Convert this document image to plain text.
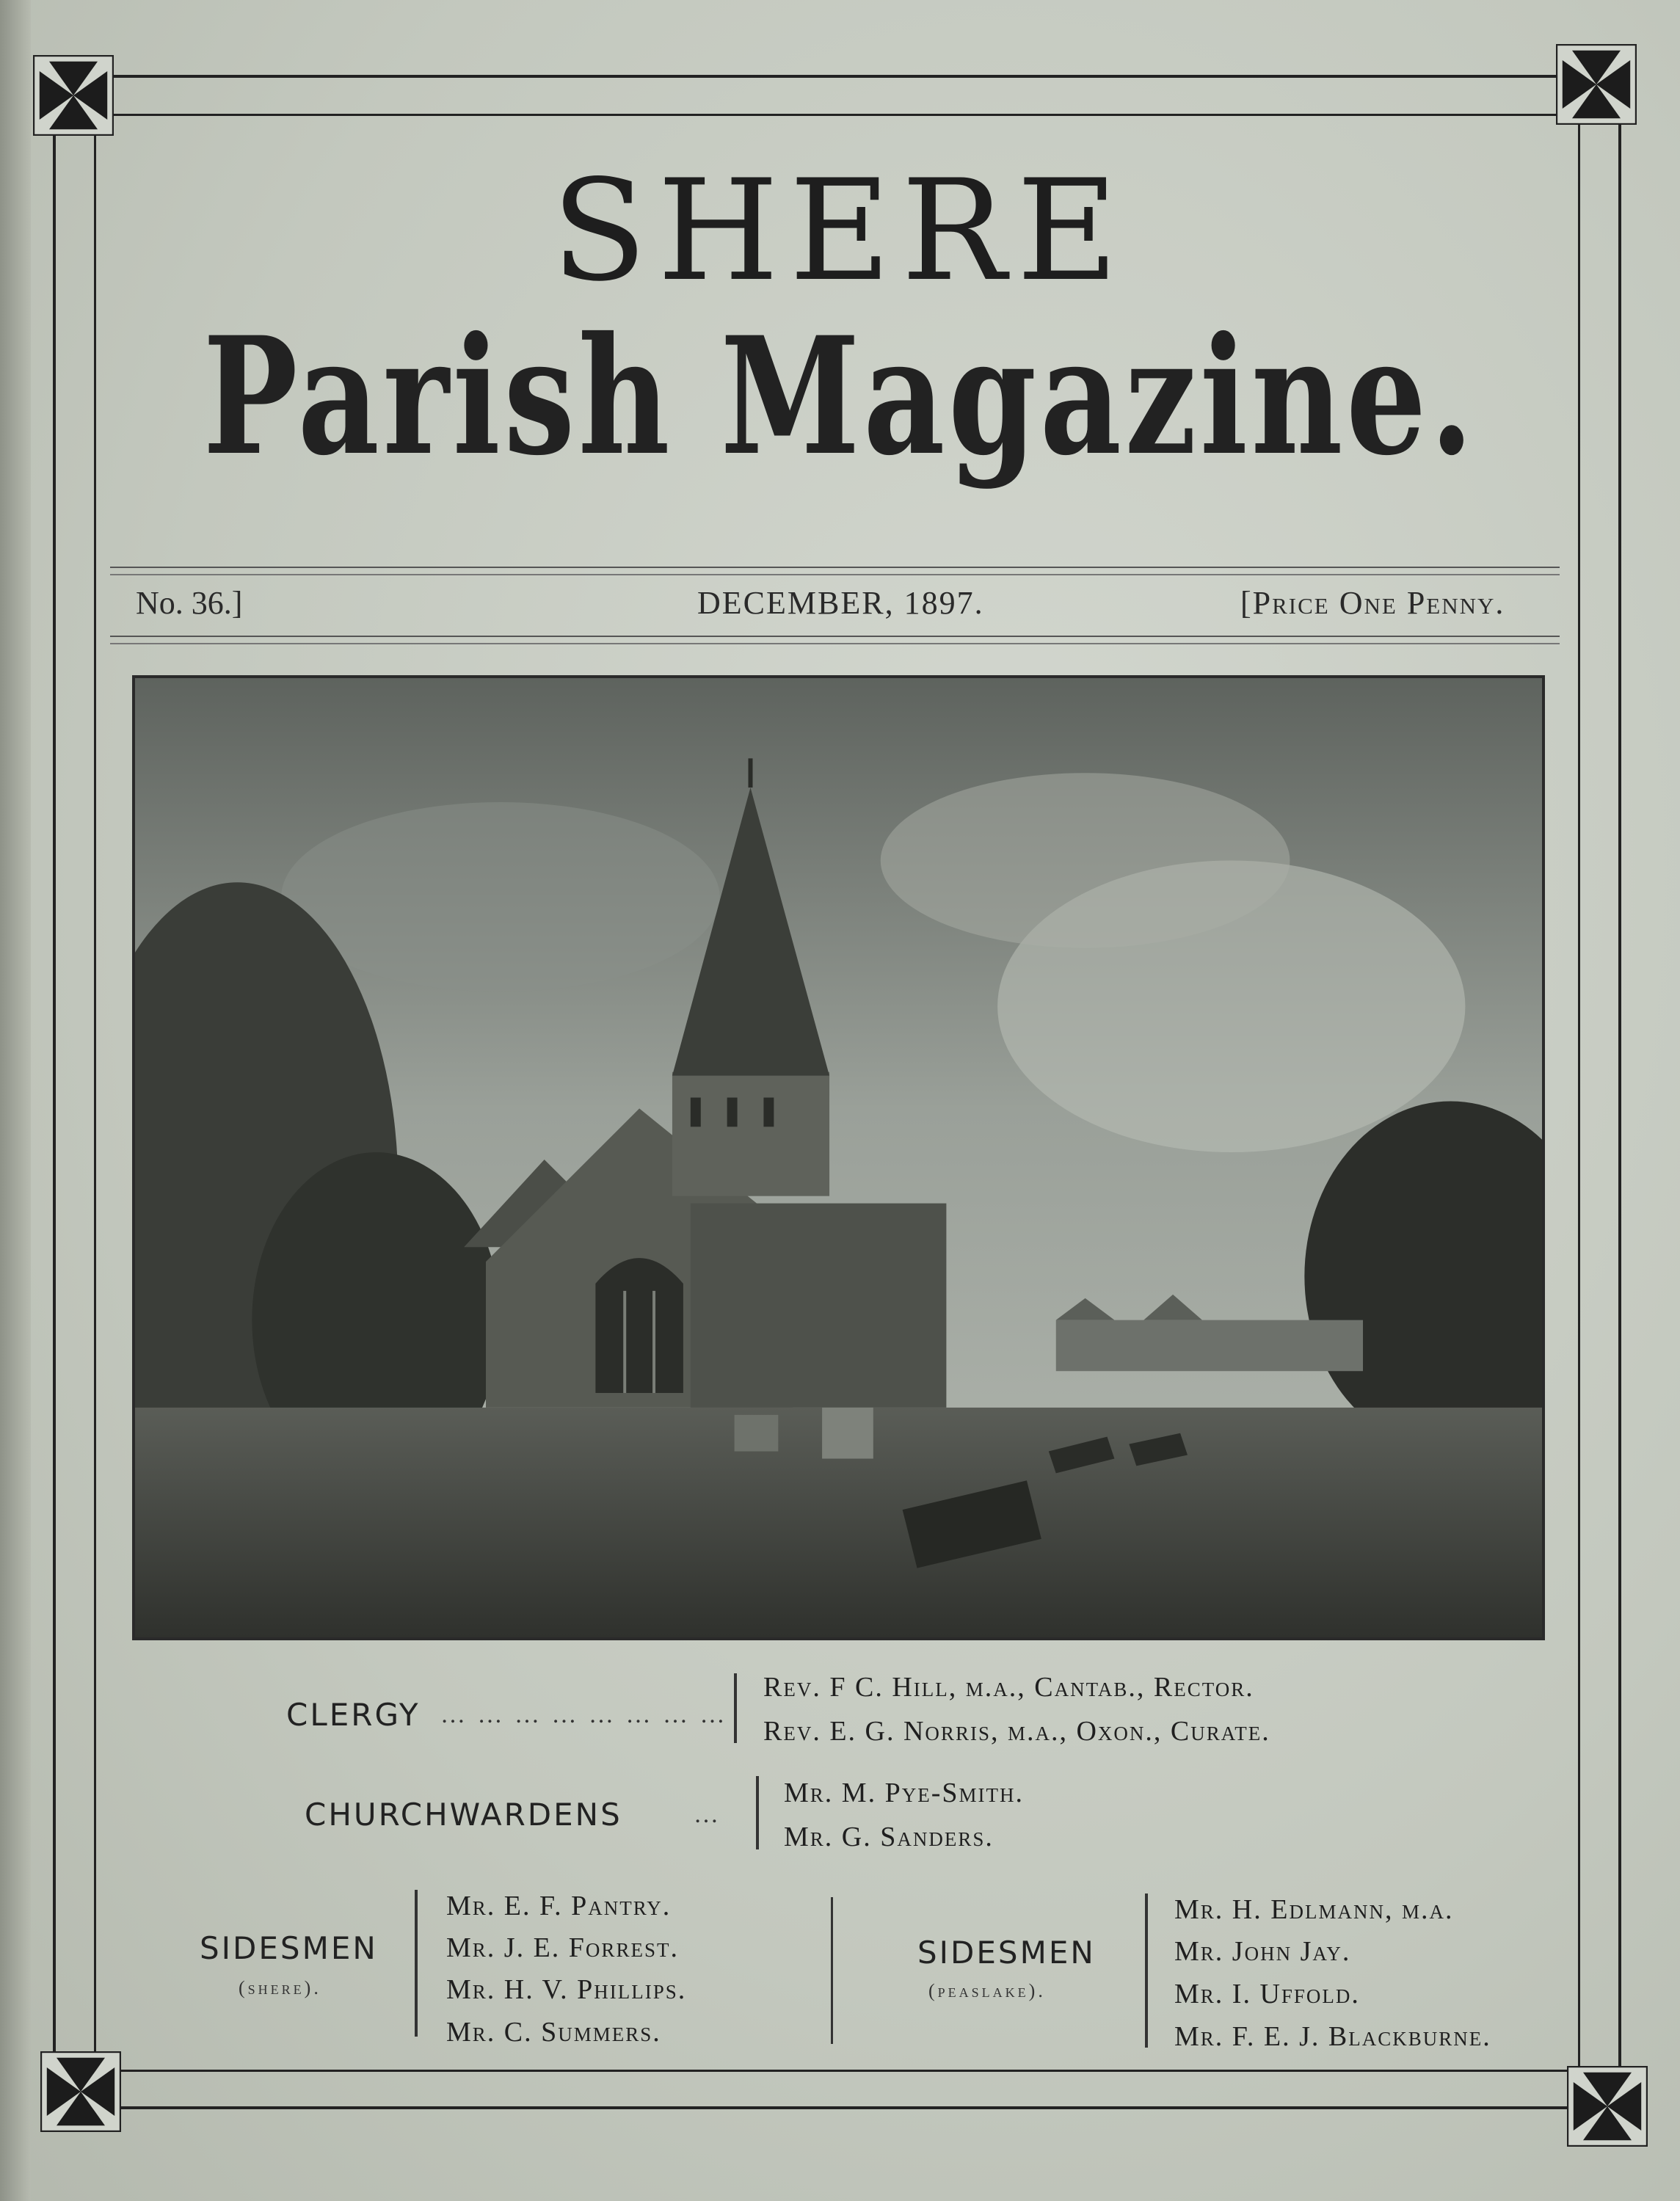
SHERE
Parish Magazine.
No. 36.]	DECEMBER, 1897.	[Price One Penny.
CLERGY … … … … … … … …
Rev. F C. Hill, m.a., Cantab., Rector.
Rev. E. G. Norris, m.a., Oxon., Curate.
CHURCHWARDENS	…
Mr. M. Pye-Smith.
Mr. G. Sanders.
SIDESMEN
(shere).
Mr. E. F. Pantry.
Mr. J. E. Forrest.
Mr. H. V. Phillips.
Mr. C. Summers.
SIDESMEN
(peaslake).
Mr. H. Edlmann, m.a.
Mr. John Jay.
Mr. I. Uffold.
Mr. F. E. J. Blackburne.
